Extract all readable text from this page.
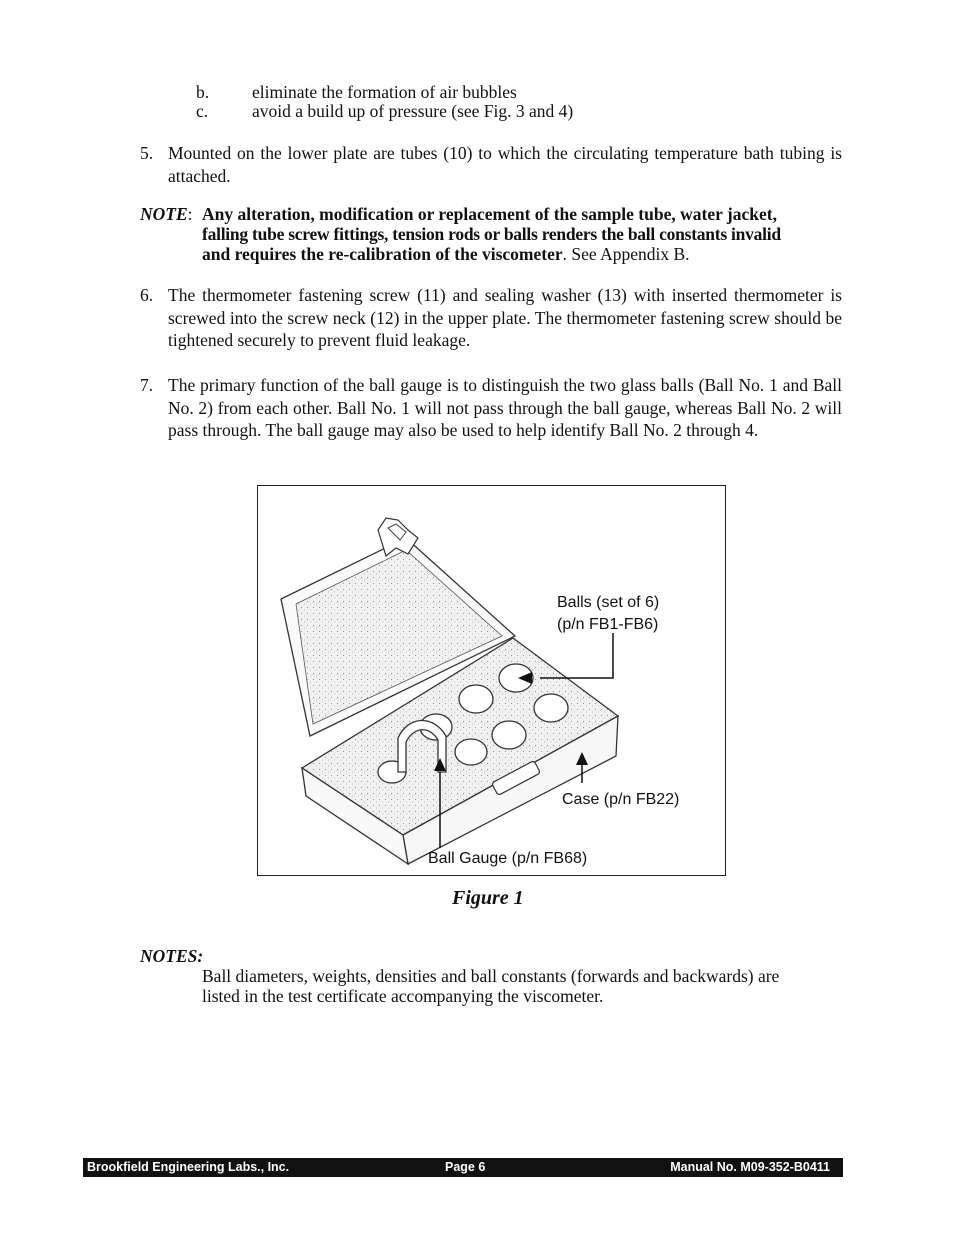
b. eliminate the formation of air bubbles
c.	avoid a build up of pressure (see Fig. 3 and 4)
5. Mounted on the lower plate are tubes (10) to which the circulating temperature bath tubing is attached.
NOTE: Any alteration, modification or replacement of the sample tube, water jacket,
falling tube screw fittings, tension rods or balls renders the ball constants invalid
and requires the re-calibration of the viscometer. See Appendix B.
6. The thermometer fastening screw (11) and sealing washer (13) with inserted thermometer is screwed into the screw neck (12) in the upper plate. The thermometer fastening screw should be tightened securely to prevent fluid leakage.
7. The primary function of the ball gauge is to distinguish the two glass balls (Ball No. 1 and Ball No. 2) from each other. Ball No. 1 will not pass through the ball gauge, whereas Ball No. 2 will pass through. The ball gauge may also be used to help identify Ball No. 2 through 4.
Balls (set of 6)
(p/n FB1-FB6)
Case (p/n FB22)
Ball Gauge (p/n FB68)
Figure 1
NOTES:
Ball diameters, weights, densities and ball constants (forwards and backwards) are
listed in the test certificate accompanying the viscometer.
Brookfield Engineering Labs., Inc.	Page 6	Manual No. M09-352-B0411
